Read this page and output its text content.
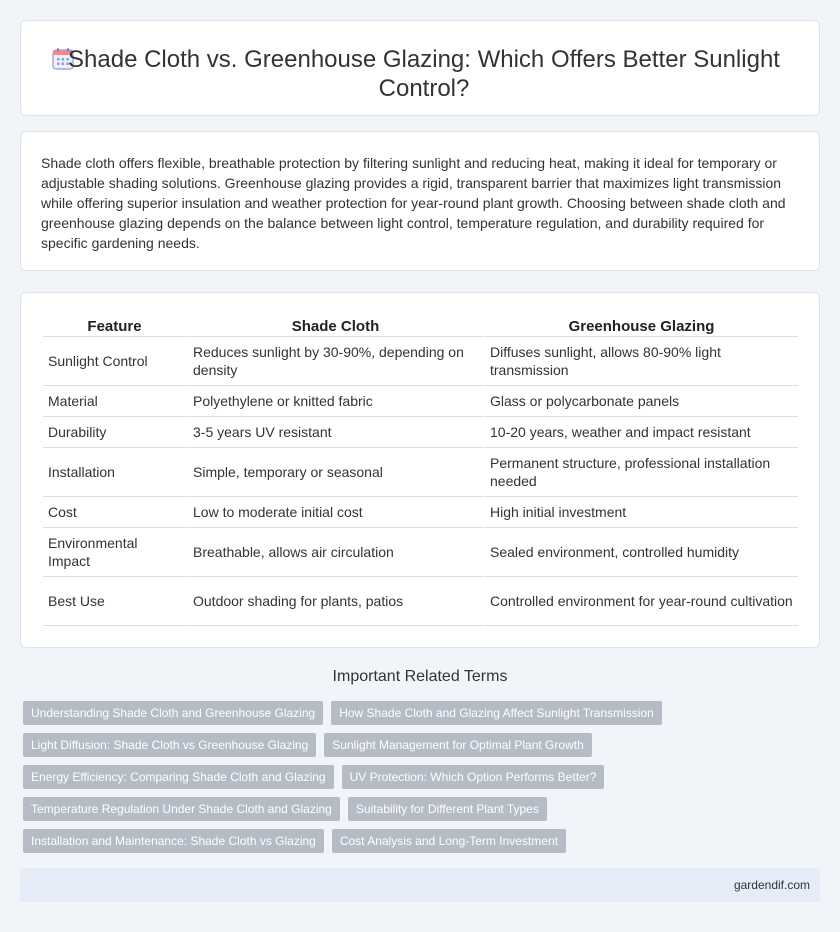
Shade Cloth vs. Greenhouse Glazing: Which Offers Better Sunlight Control?

Shade cloth offers flexible, breathable protection by filtering sunlight and reducing heat, making it ideal for temporary or adjustable shading solutions. Greenhouse glazing provides a rigid, transparent barrier that maximizes light transmission while offering superior insulation and weather protection for year-round plant growth. Choosing between shade cloth and greenhouse glazing depends on the balance between light control, temperature regulation, and durability required for specific gardening needs.

Feature	Shade Cloth	Greenhouse Glazing
Sunlight Control	Reduces sunlight by 30-90%, depending on density	Diffuses sunlight, allows 80-90% light transmission
Material	Polyethylene or knitted fabric	Glass or polycarbonate panels
Durability	3-5 years UV resistant	10-20 years, weather and impact resistant
Installation	Simple, temporary or seasonal	Permanent structure, professional installation needed
Cost	Low to moderate initial cost	High initial investment
Environmental Impact	Breathable, allows air circulation	Sealed environment, controlled humidity
Best Use	Outdoor shading for plants, patios	Controlled environment for year-round cultivation
Important Related Terms
Understanding Shade Cloth and Greenhouse Glazing	How Shade Cloth and Glazing Affect Sunlight Transmission
Light Diffusion: Shade Cloth vs Greenhouse Glazing	Sunlight Management for Optimal Plant Growth
Energy Efficiency: Comparing Shade Cloth and Glazing	UV Protection: Which Option Performs Better?
Temperature Regulation Under Shade Cloth and Glazing	Suitability for Different Plant Types
Installation and Maintenance: Shade Cloth vs Glazing	Cost Analysis and Long-Term Investment
gardendif.com
